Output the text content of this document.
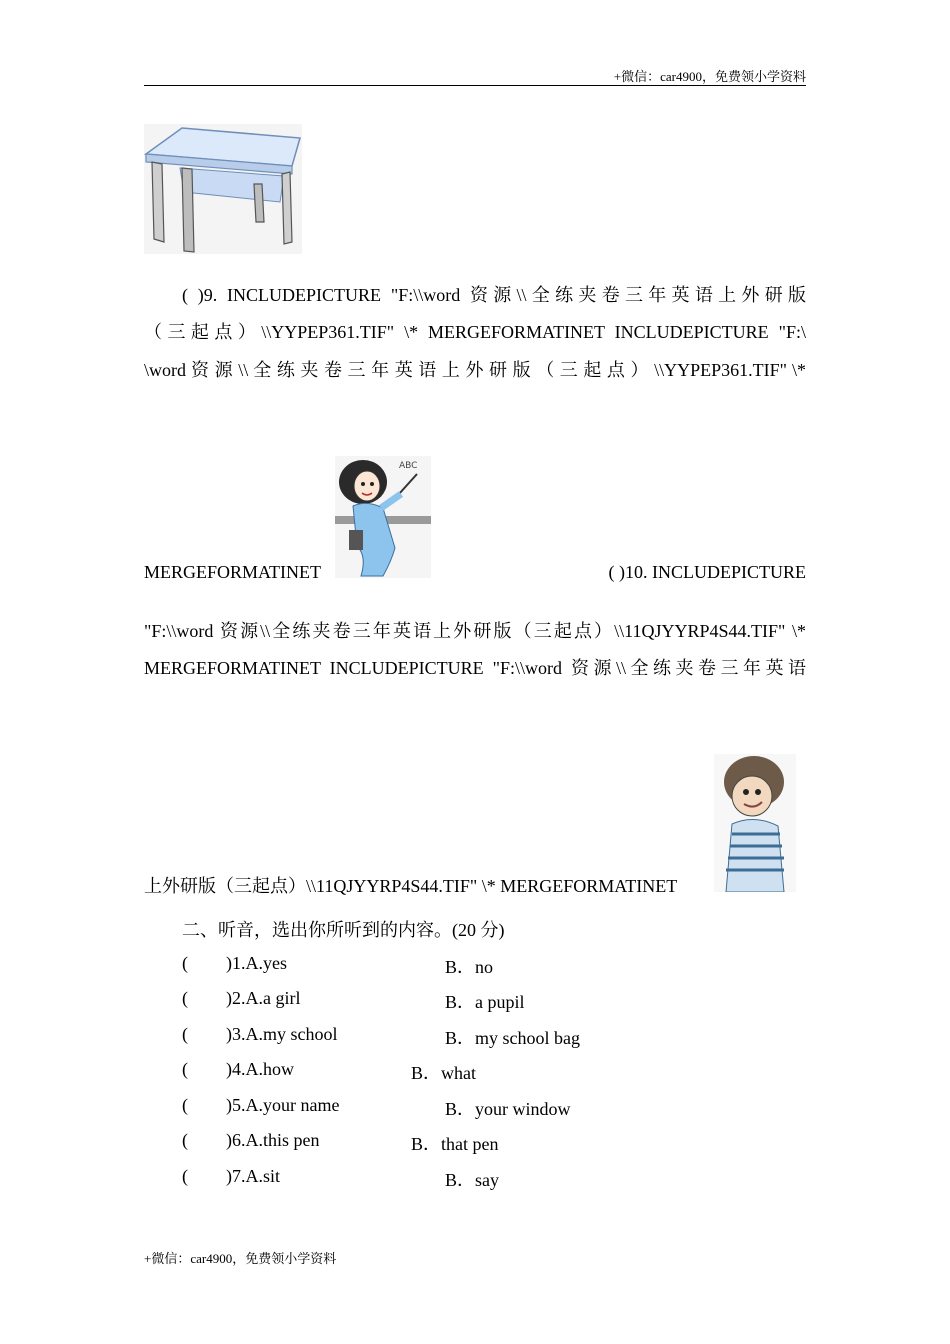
+微信：car4900，免费领小学资料
( )9. INCLUDEPICTURE "F:\\word 资源\\全练夹卷三年英语上外研版
（三起点）\\YYPEP361.TIF" \* MERGEFORMATINET INCLUDEPICTURE "F:\
\word 资 源 \\ 全 练 夹 卷 三 年 英 语 上 外 研 版 （ 三 起 点 ） \\YYPEP361.TIF" \*
ABC
MERGEFORMATINET	( )10. INCLUDEPICTURE
"F:\\word 资源\\全练夹卷三年英语上外研版（三起点）\\11QJYYRP4S44.TIF" \*
MERGEFORMATINET INCLUDEPICTURE "F:\\word 资源\\全练夹卷三年英语
上外研版（三起点）\\11QJYYRP4S44.TIF" \* MERGEFORMATINET
二、听音，选出你所听到的内容。(20 分)
( )1.A.yes	B．no
( )2.A.a girl	B．a pupil
( )3.A.my school	B．my school bag
( )4.A.how	B．what
( )5.A.your name	B．your window
( )6.A.this pen	B．that pen
( )7.A.sit	B．say
+微信：car4900，免费领小学资料
